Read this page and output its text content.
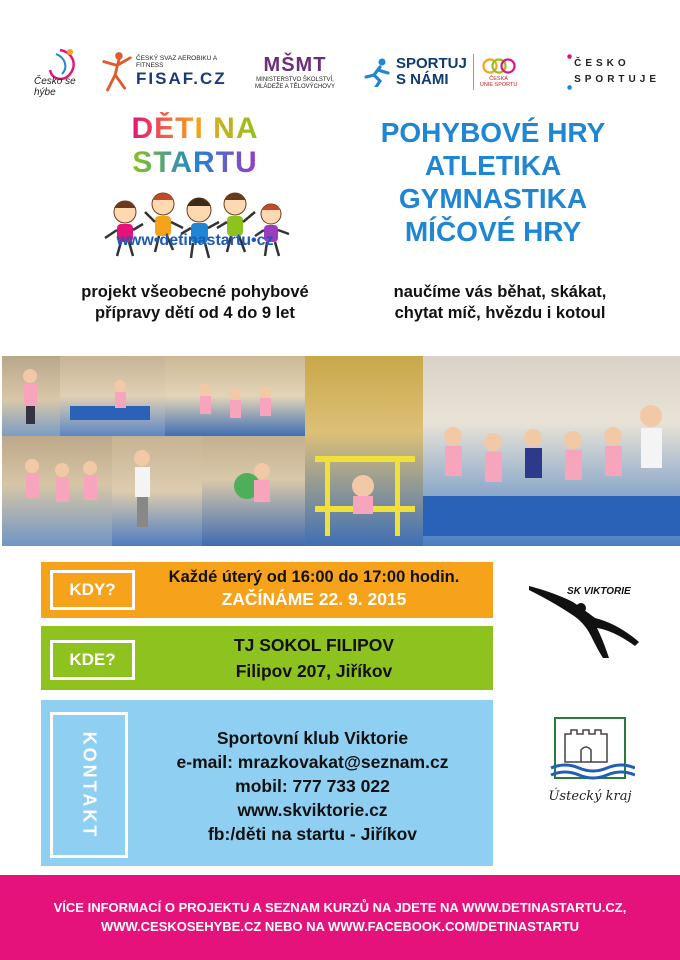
Česko se hýbe
ČESKÝ SVAZ AEROBIKU A FITNESS
FISAF.CZ
MŠMT
MINISTERSTVO ŠKOLSTVÍ,
MLÁDEŽE A TĚLOVÝCHOVY
SPORTUJ
S NÁMI	ČESKÁ
UNIE SPORTU
ČESKO
SPORTUJE
DĚTI NA STARTU
www•detinastartu•cz
POHYBOVÉ HRY
ATLETIKA
GYMNASTIKA
MÍČOVÉ HRY
projekt všeobecné pohybové
přípravy dětí od 4 do 9 let
naučíme vás běhat, skákat,
chytat míč, hvězdu i kotoul
KDY?
Každé úterý od 16:00 do 17:00 hodin.
ZAČÍNÁME 22. 9. 2015
KDE?
TJ SOKOL FILIPOV
Filipov 207, Jiříkov
KONTAKT	Sportovní klub Viktorie
e-mail: mrazkovakat@seznam.cz
mobil: 777 733 022
www.skviktorie.cz
fb:/děti na startu - Jiříkov
SK VIKTORIE
Ústecký kraj
VÍCE INFORMACÍ O PROJEKTU A SEZNAM KURZŮ NA JDETE NA WWW.DETINASTARTU.CZ,
WWW.CESKOSEHYBE.CZ NEBO NA WWW.FACEBOOK.COM/DETINASTARTU
